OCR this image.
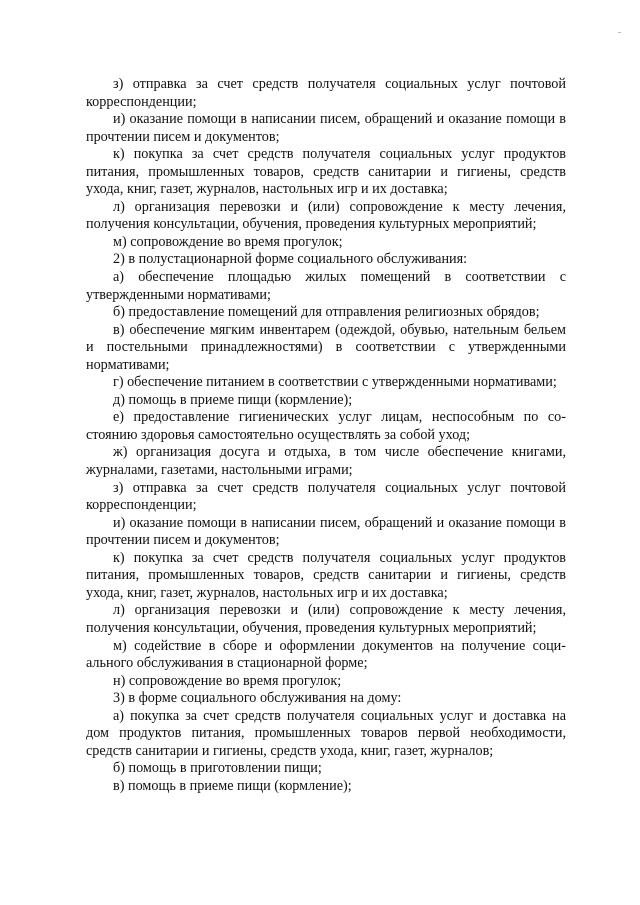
з) отправка за счет средств получателя социальных услуг почтовой корреспонденции;

и) оказание помощи в написании писем, обращений и оказание помощи в прочтении писем и документов;

к) покупка за счет средств получателя социальных услуг продуктов питания, промышленных товаров, средств санитарии и гигиены, средств ухода, книг, газет, журналов, настольных игр и их доставка;

л) организация перевозки и (или) сопровождение к месту лечения, получения консультации, обучения, проведения культурных мероприятий;

м) сопровождение во время прогулок;

2) в полустационарной форме социального обслуживания:

а) обеспечение площадью жилых помещений в соответствии с утвержденными нормативами;

б) предоставление помещений для отправления религиозных обрядов;

в) обеспечение мягким инвентарем (одеждой, обувью, нательным бельем и постельными принадлежностями) в соответствии с утвержденными нормативами;

г) обеспечение питанием в соответствии с утвержденными нормативами;

д) помощь в приеме пищи (кормление);

е) предоставление гигиенических услуг лицам, неспособным по состоянию здоровья самостоятельно осуществлять за собой уход;

ж) организация досуга и отдыха, в том числе обеспечение книгами, журналами, газетами, настольными играми;

з) отправка за счет средств получателя социальных услуг почтовой корреспонденции;

и) оказание помощи в написании писем, обращений и оказание помощи в прочтении писем и документов;

к) покупка за счет средств получателя социальных услуг продуктов питания, промышленных товаров, средств санитарии и гигиены, средств ухода, книг, газет, журналов, настольных игр и их доставка;

л) организация перевозки и (или) сопровождение к месту лечения, получения консультации, обучения, проведения культурных мероприятий;

м) содействие в сборе и оформлении документов на получение социального обслуживания в стационарной форме;

н) сопровождение во время прогулок;

3) в форме социального обслуживания на дому:

а) покупка за счет средств получателя социальных услуг и доставка на дом продуктов питания, промышленных товаров первой необходимости, средств санитарии и гигиены, средств ухода, книг, газет, журналов;

б) помощь в приготовлении пищи;

в) помощь в приеме пищи (кормление);
